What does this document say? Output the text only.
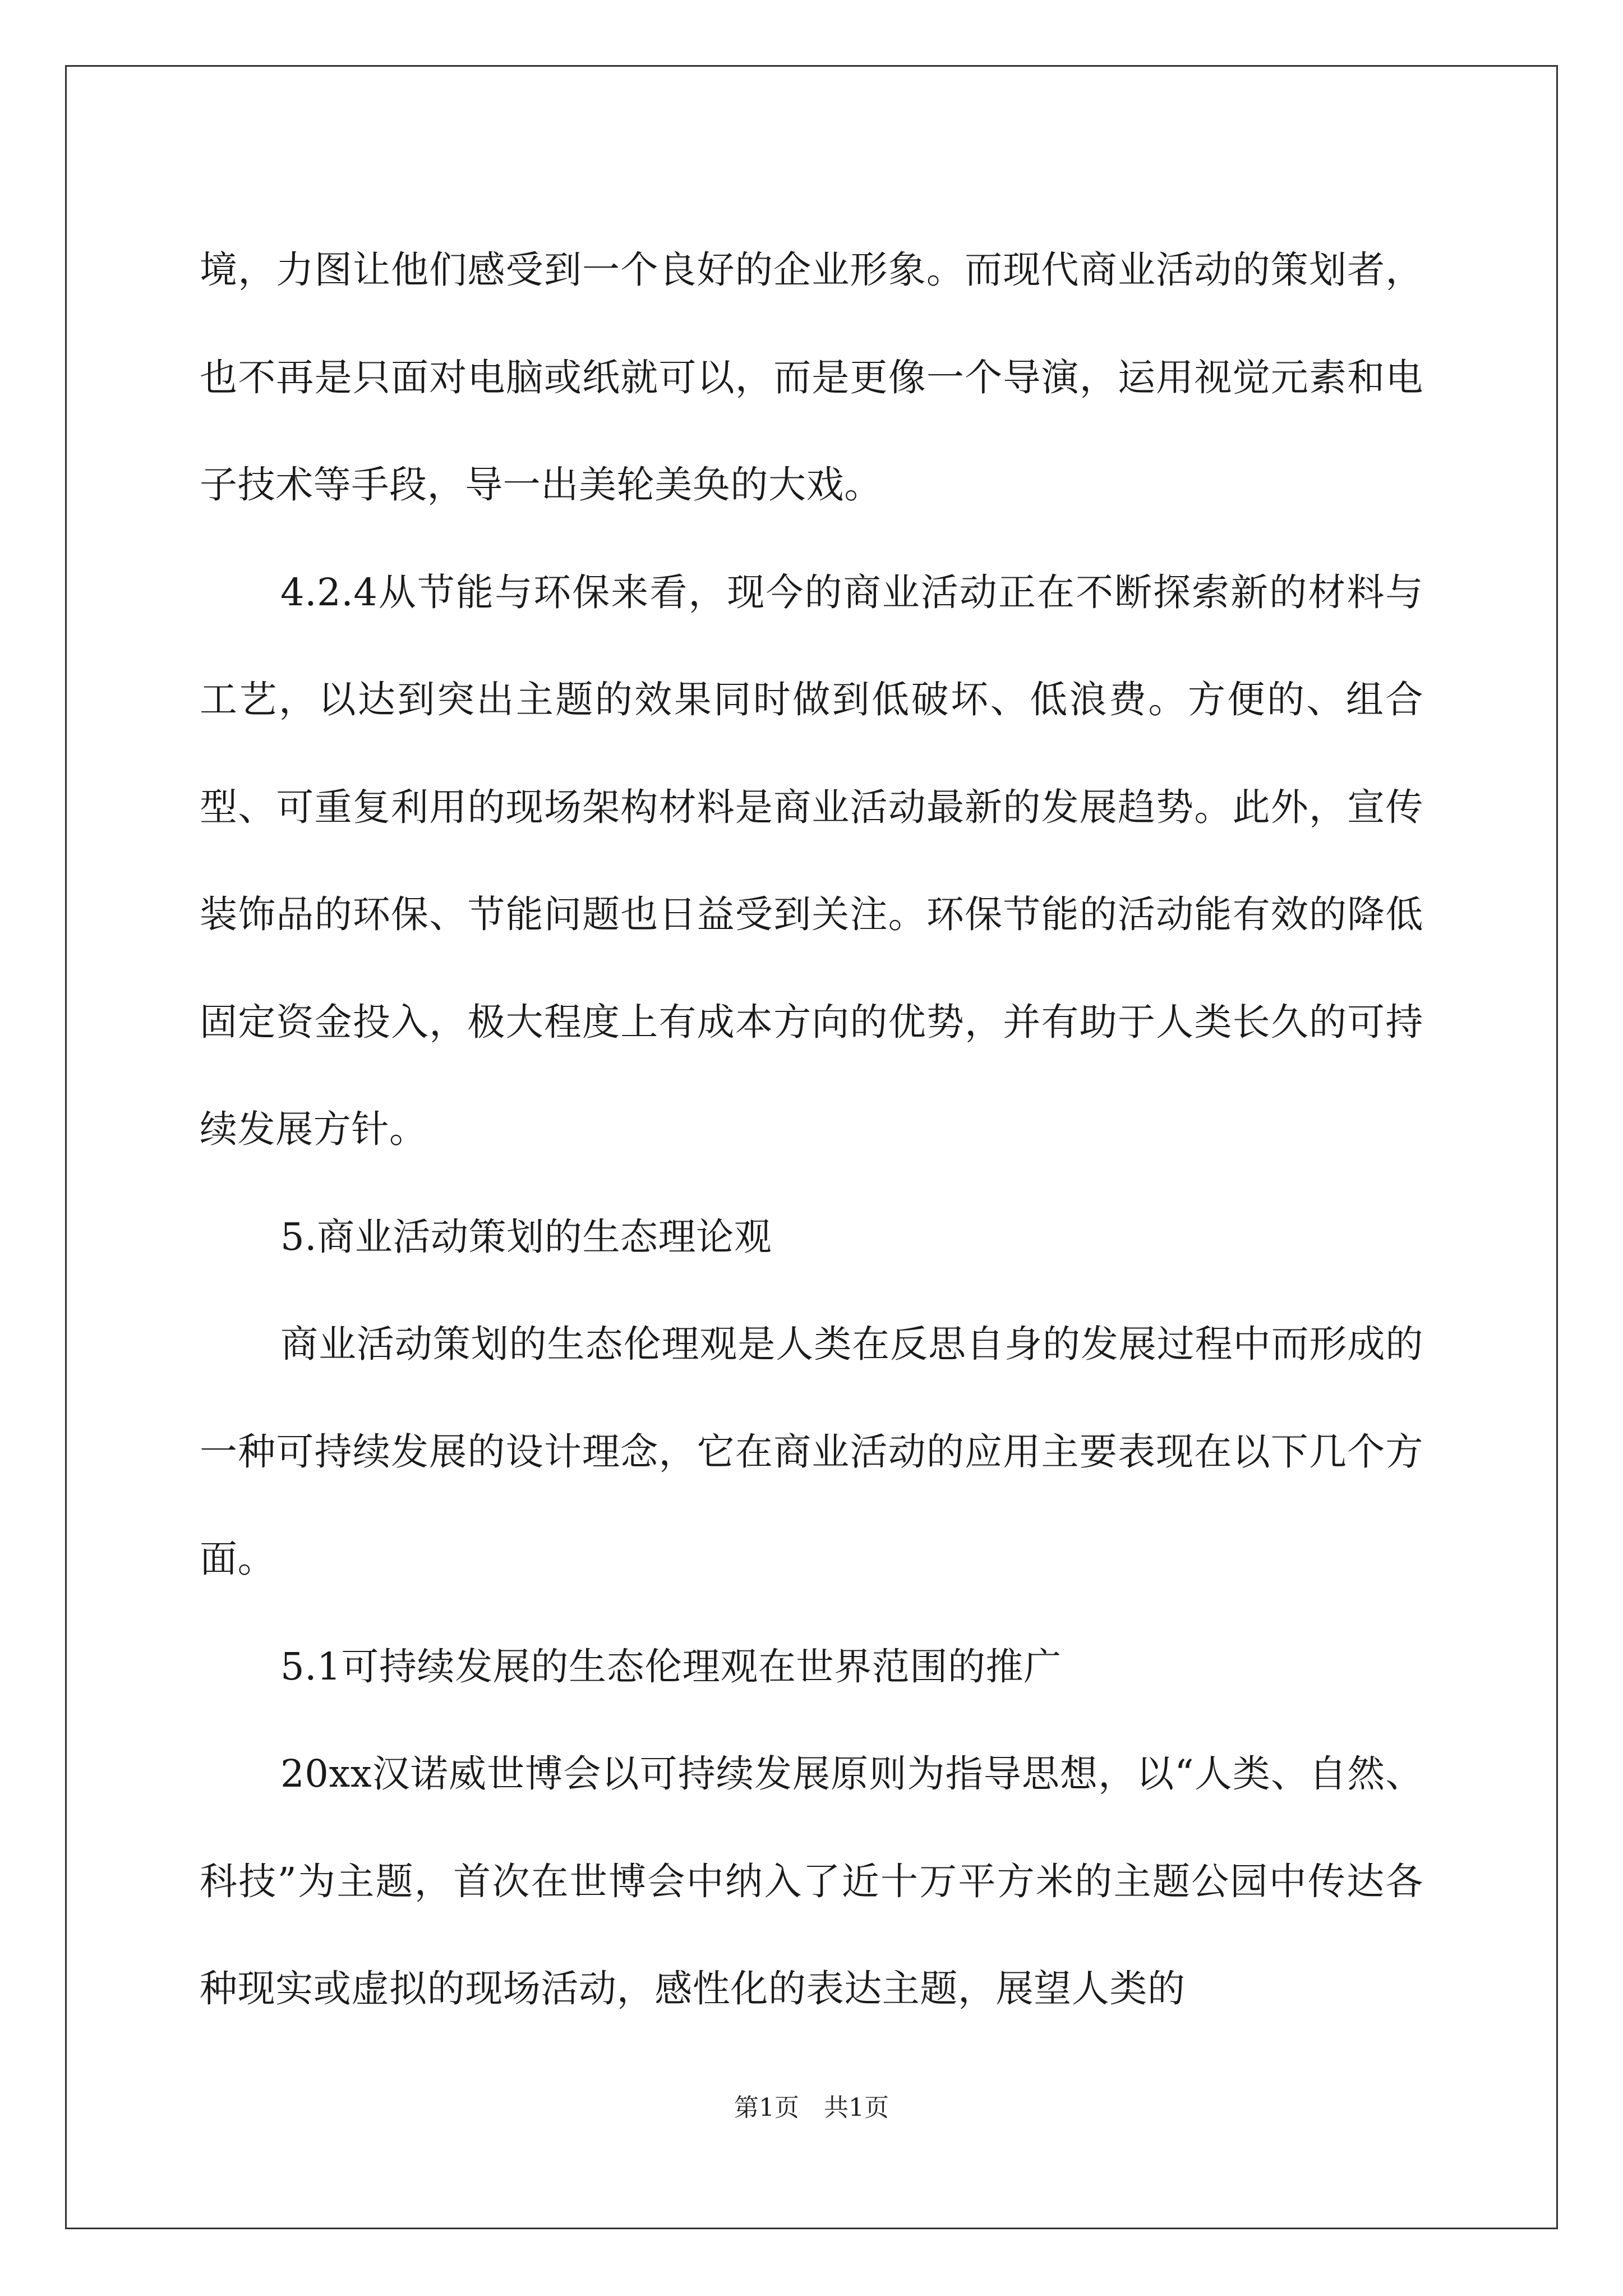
境，力图让他们感受到一个良好的企业形象。而现代商业活动的策划者，也不再是只面对电脑或纸就可以，而是更像一个导演，运用视觉元素和电子技术等手段，导一出美轮美奂的大戏。

4.2.4从节能与环保来看，现今的商业活动正在不断探索新的材料与工艺，以达到突出主题的效果同时做到低破坏、低浪费。方便的、组合型、可重复利用的现场架构材料是商业活动最新的发展趋势。此外，宣传装饰品的环保、节能问题也日益受到关注。环保节能的活动能有效的降低固定资金投入，极大程度上有成本方向的优势，并有助于人类长久的可持续发展方针。

5.商业活动策划的生态理论观

商业活动策划的生态伦理观是人类在反思自身的发展过程中而形成的一种可持续发展的设计理念，它在商业活动的应用主要表现在以下几个方面。

5.1可持续发展的生态伦理观在世界范围的推广

20xx汉诺威世博会以可持续发展原则为指导思想，以“人类、自然、科技”为主题，首次在世博会中纳入了近十万平方米的主题公园中传达各种现实或虚拟的现场活动，感性化的表达主题，展望人类的

第1页　共1页
